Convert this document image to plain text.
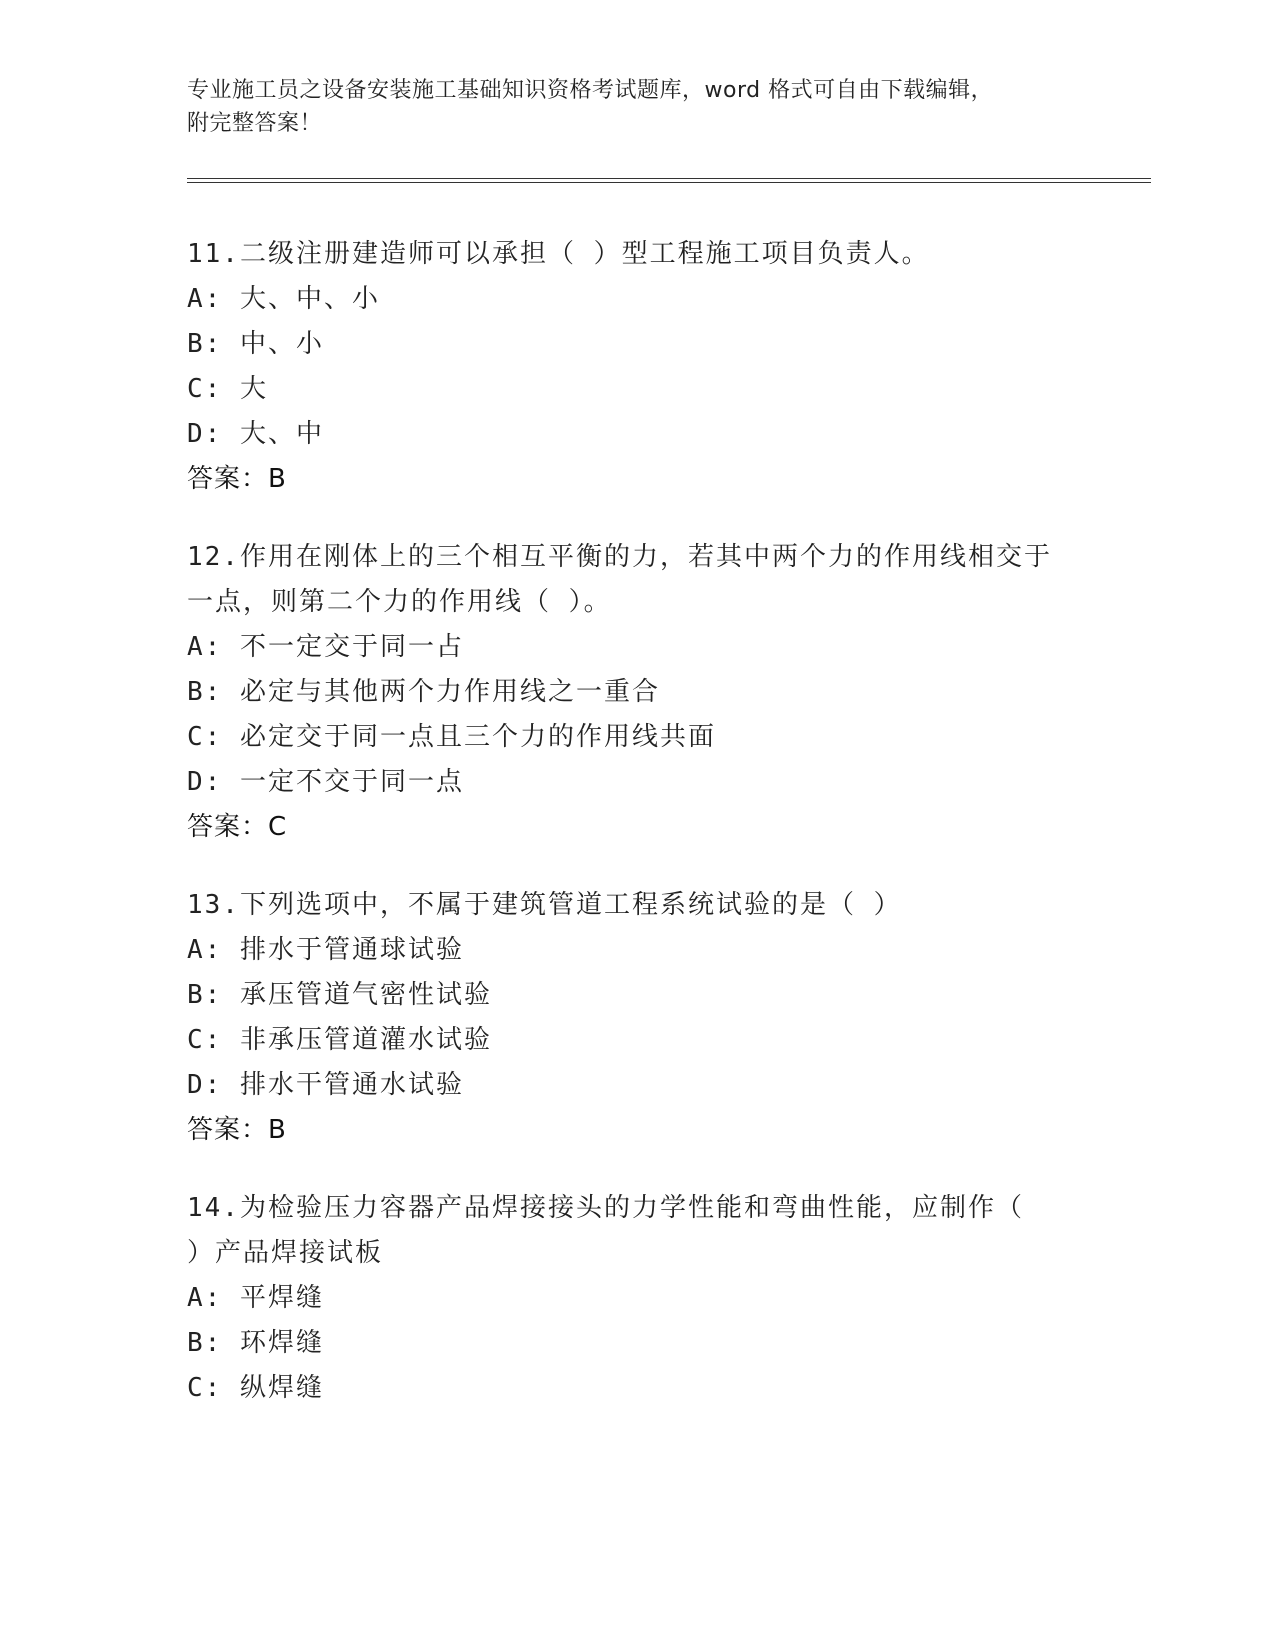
专业施工员之设备安装施工基础知识资格考试题库，word 格式可自由下载编辑，
附完整答案！
11.二级注册建造师可以承担（ ）型工程施工项目负责人。
A: 大、中、小
B: 中、小
C: 大
D: 大、中
答案：B
12.作用在刚体上的三个相互平衡的力，若其中两个力的作用线相交于
一点，则第二个力的作用线（ ）。
A: 不一定交于同一占
B: 必定与其他两个力作用线之一重合
C: 必定交于同一点且三个力的作用线共面
D: 一定不交于同一点
答案：C
13.下列选项中，不属于建筑管道工程系统试验的是（ ）
A: 排水于管通球试验
B: 承压管道气密性试验
C: 非承压管道灌水试验
D: 排水干管通水试验
答案：B
14.为检验压力容器产品焊接接头的力学性能和弯曲性能，应制作（
）产品焊接试板
A: 平焊缝
B: 环焊缝
C: 纵焊缝
